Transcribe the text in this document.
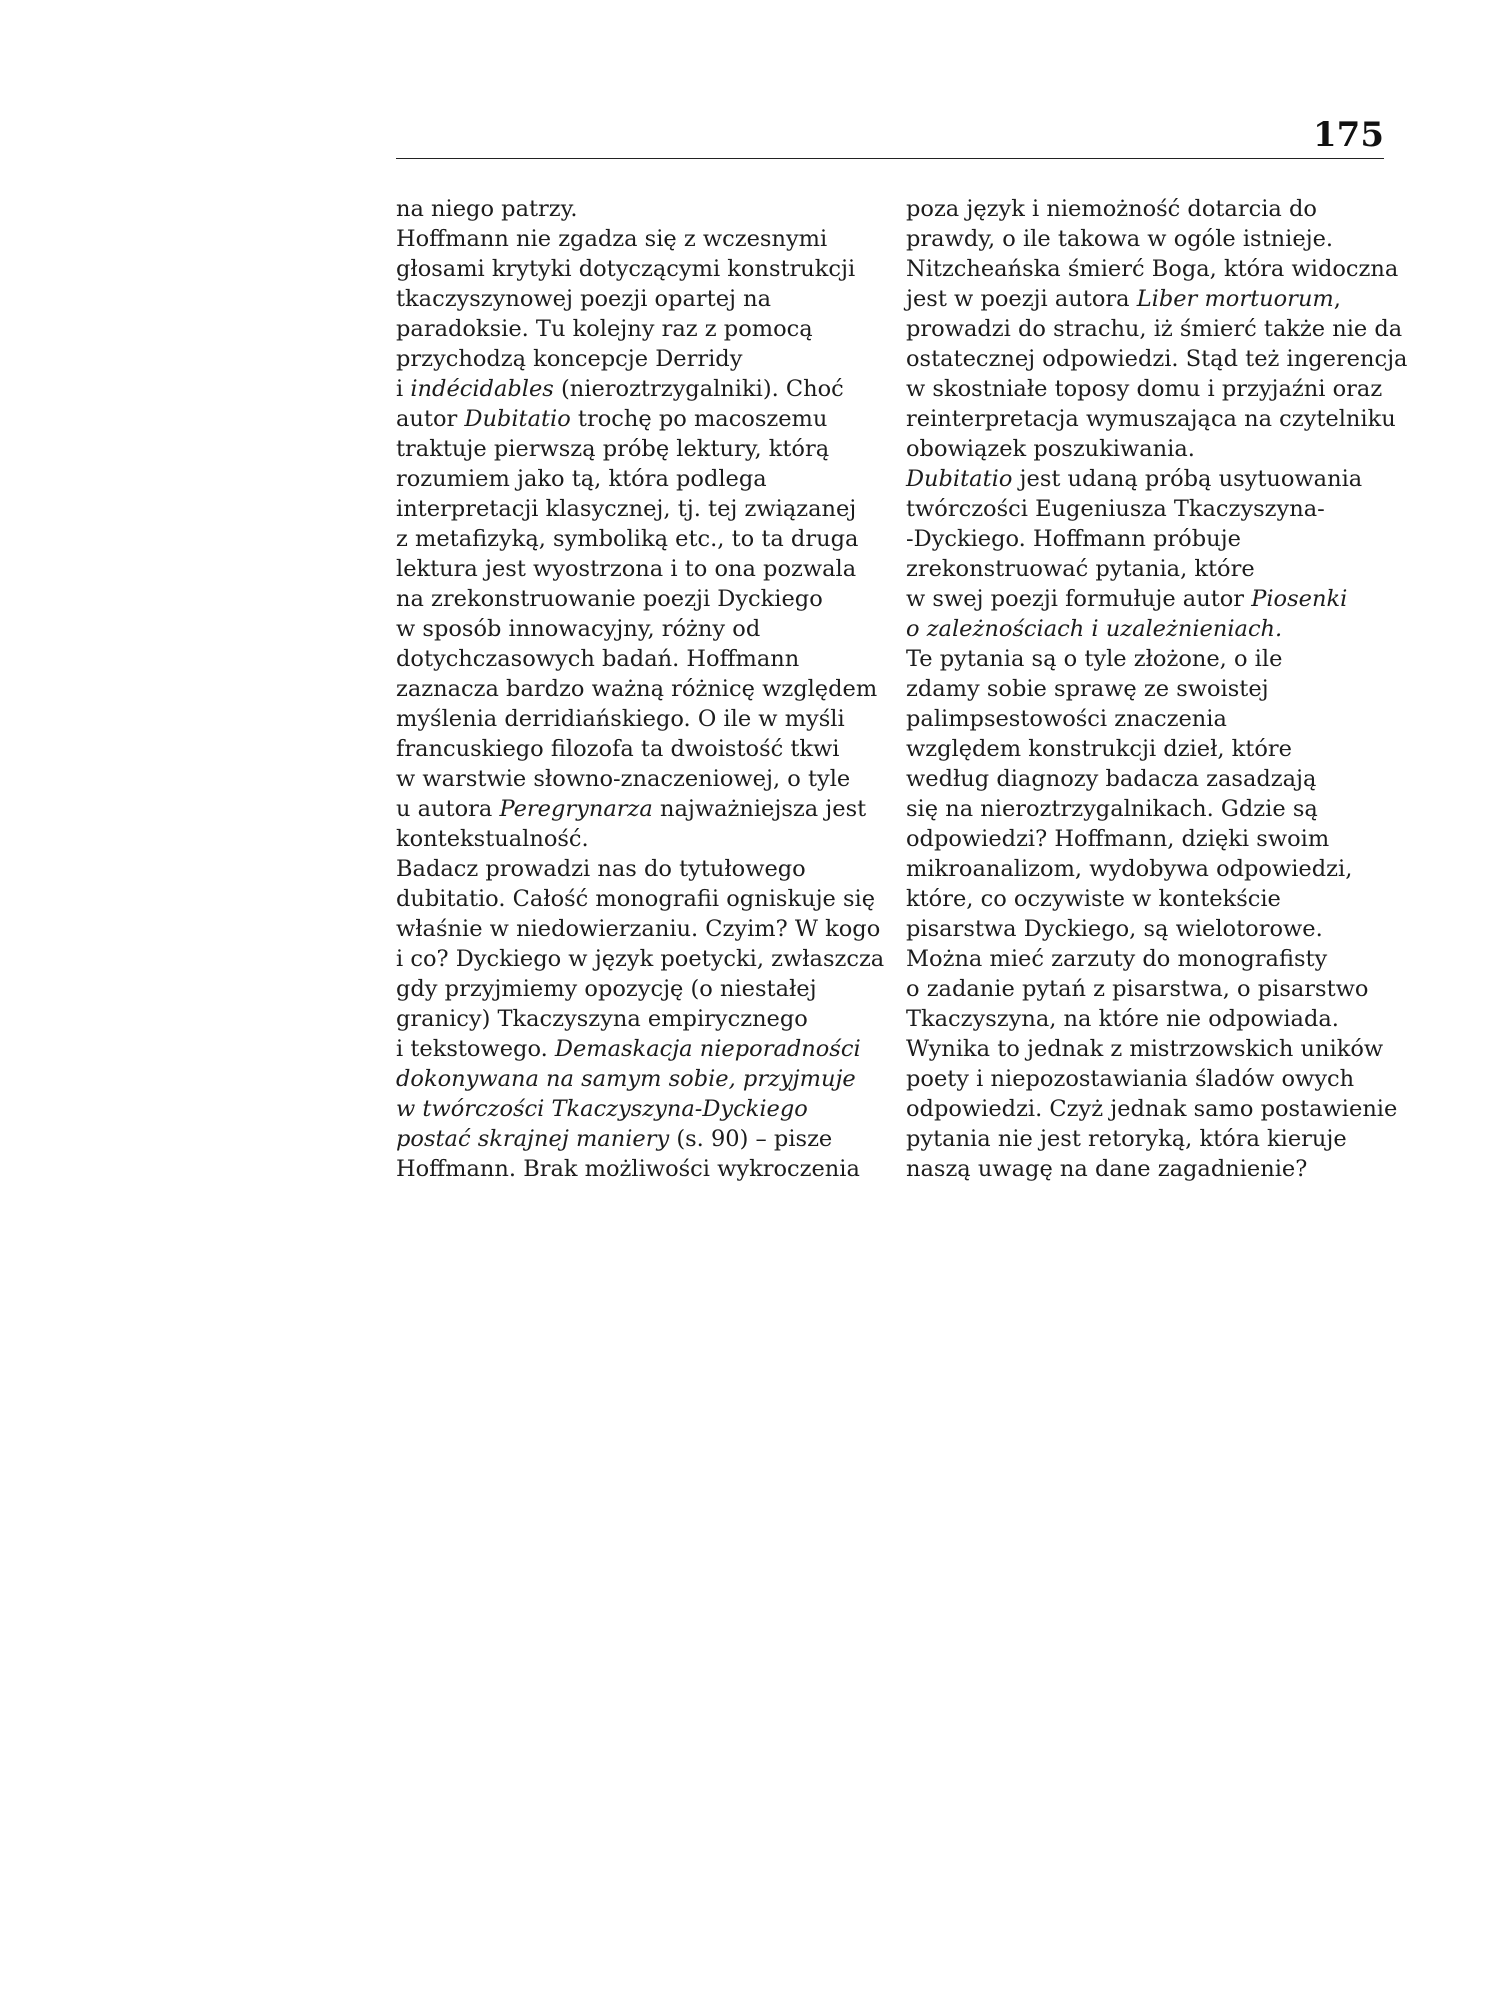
175
na niego patrzy.
Hoffmann nie zgadza się z wczesnymi
głosami krytyki dotyczącymi konstrukcji
tkaczyszynowej poezji opartej na
paradoksie. Tu kolejny raz z pomocą
przychodzą koncepcje Derridy
i indécidables (nieroztrzygalniki). Choć
autor Dubitatio trochę po macoszemu
traktuje pierwszą próbę lektury, którą
rozumiem jako tą, która podlega
interpretacji klasycznej, tj. tej związanej
z metafizyką, symboliką etc., to ta druga
lektura jest wyostrzona i to ona pozwala
na zrekonstruowanie poezji Dyckiego
w sposób innowacyjny, różny od
dotychczasowych badań. Hoffmann
zaznacza bardzo ważną różnicę względem
myślenia derridiańskiego. O ile w myśli
francuskiego filozofa ta dwoistość tkwi
w warstwie słowno-znaczeniowej, o tyle
u autora Peregrynarza najważniejsza jest
kontekstualność.
Badacz prowadzi nas do tytułowego
dubitatio. Całość monografii ogniskuje się
właśnie w niedowierzaniu. Czyim? W kogo
i co? Dyckiego w język poetycki, zwłaszcza
gdy przyjmiemy opozycję (o niestałej
granicy) Tkaczyszyna empirycznego
i tekstowego. Demaskacja nieporadności
dokonywana na samym sobie, przyjmuje
w twórczości Tkaczyszyna-Dyckiego
postać skrajnej maniery (s. 90) – pisze
Hoffmann. Brak możliwości wykroczenia
poza język i niemożność dotarcia do
prawdy, o ile takowa w ogóle istnieje.
Nitzcheańska śmierć Boga, która widoczna
jest w poezji autora Liber mortuorum,
prowadzi do strachu, iż śmierć także nie da
ostatecznej odpowiedzi. Stąd też ingerencja
w skostniałe toposy domu i przyjaźni oraz
reinterpretacja wymuszająca na czytelniku
obowiązek poszukiwania.
Dubitatio jest udaną próbą usytuowania
twórczości Eugeniusza Tkaczyszyna-
-Dyckiego. Hoffmann próbuje
zrekonstruować pytania, które
w swej poezji formułuje autor Piosenki
o zależnościach i uzależnieniach.
Te pytania są o tyle złożone, o ile
zdamy sobie sprawę ze swoistej
palimpsestowości znaczenia
względem konstrukcji dzieł, które
według diagnozy badacza zasadzają
się na nieroztrzygalnikach. Gdzie są
odpowiedzi? Hoffmann, dzięki swoim
mikroanalizom, wydobywa odpowiedzi,
które, co oczywiste w kontekście
pisarstwa Dyckiego, są wielotorowe.
Można mieć zarzuty do monografisty
o zadanie pytań z pisarstwa, o pisarstwo
Tkaczyszyna, na które nie odpowiada.
Wynika to jednak z mistrzowskich uników
poety i niepozostawiania śladów owych
odpowiedzi. Czyż jednak samo postawienie
pytania nie jest retoryką, która kieruje
naszą uwagę na dane zagadnienie?
